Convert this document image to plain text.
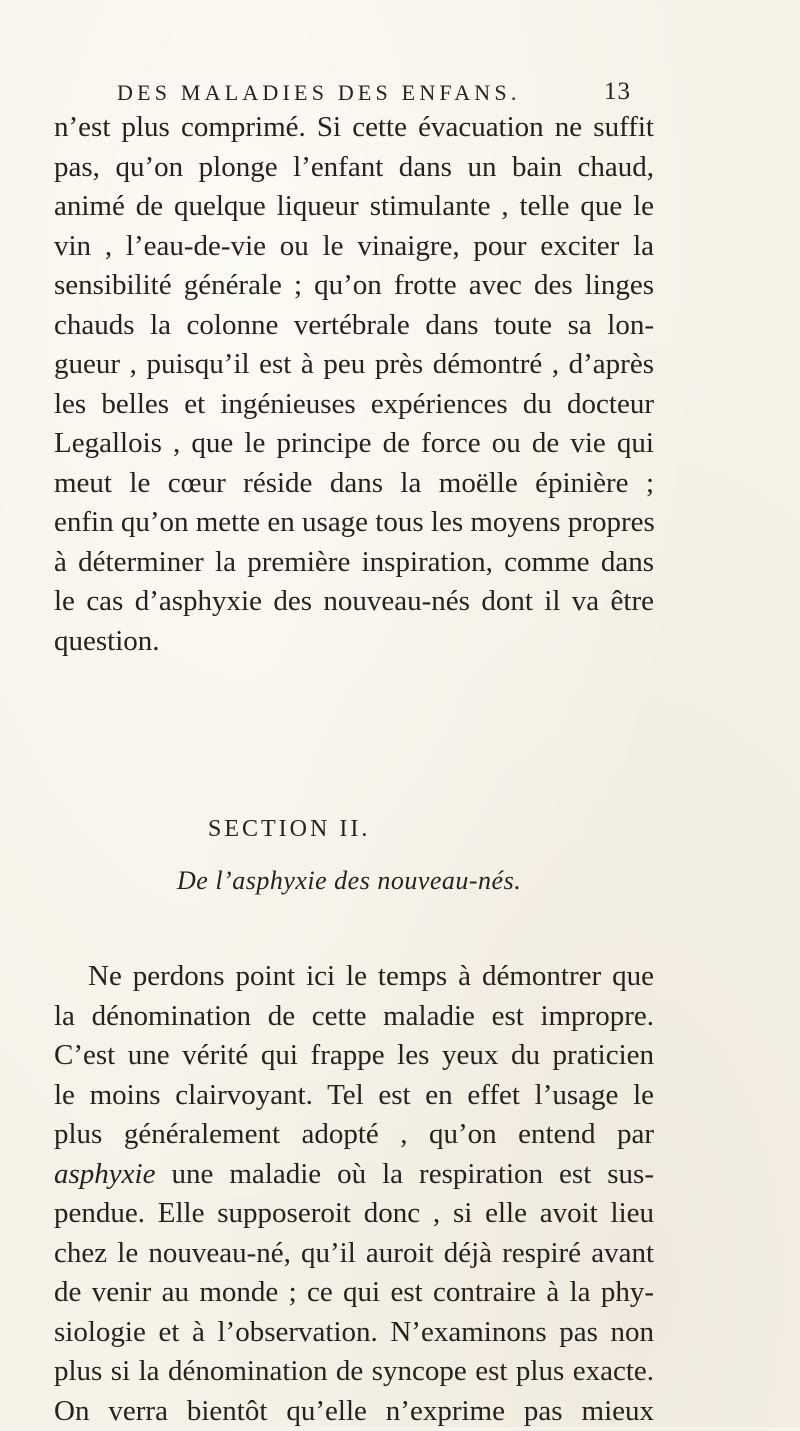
DES MALADIES DES ENFANS.	13
n’est plus comprimé. Si cette évacuation ne suffit
pas, qu’on plonge l’enfant dans un bain chaud,
animé de quelque liqueur stimulante , telle que le
vin , l’eau-de-vie ou le vinaigre, pour exciter la
sensibilité générale ; qu’on frotte avec des linges
chauds la colonne vertébrale dans toute sa lon-
gueur , puisqu’il est à peu près démontré , d’après
les belles et ingénieuses expériences du docteur
Legallois , que le principe de force ou de vie qui
meut le cœur réside dans la moëlle épinière ;
enfin qu’on mette en usage tous les moyens propres
à déterminer la première inspiration, comme dans
le cas d’asphyxie des nouveau-nés dont il va être
question.
SECTION II.
De l’asphyxie des nouveau-nés.
Ne perdons point ici le temps à démontrer que
la dénomination de cette maladie est impropre.
C’est une vérité qui frappe les yeux du praticien
le moins clairvoyant. Tel est en effet l’usage le
plus généralement adopté , qu’on entend par
asphyxie une maladie où la respiration est sus-
pendue. Elle supposeroit donc , si elle avoit lieu
chez le nouveau-né, qu’il auroit déjà respiré avant
de venir au monde ; ce qui est contraire à la phy-
siologie et à l’observation. N’examinons pas non
plus si la dénomination de syncope est plus exacte.
On verra bientôt qu’elle n’exprime pas mieux
